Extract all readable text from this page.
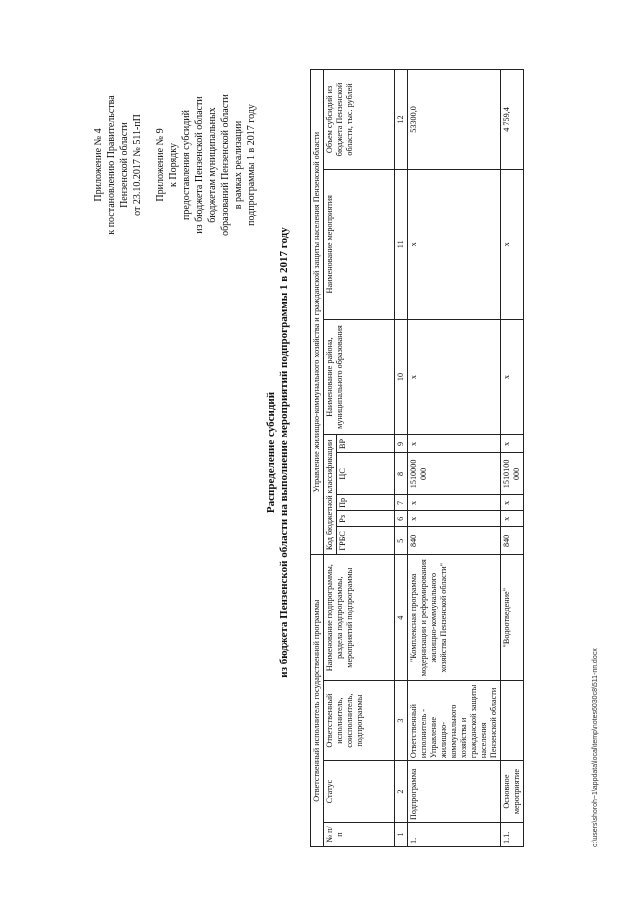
Приложение № 4 к постановлению Правительства Пензенской области от 23.10.2017 № 511-пП Приложение № 9 к Порядку предоставления субсидий из бюджета Пензенской области бюджетам муниципальных образований Пензенской области в рамках реализации подпрограммы 1 в 2017 году
Распределение субсидий из бюджета Пензенской области на выполнение мероприятий подпрограммы 1 в 2017 году
Ответственный исполнитель государственной программы				Управление жилищно-коммунального хозяйства и гражданской защиты населения Пензенской области							
№ п/п	Статус	Ответственный исполнитель, соисполнитель, подпрограммы	Наименование подпрограммы, раздела подпрограммы, мероприятий подпрограммы	Код бюджетной классификации					Наименование района, муниципального образования	Наименование мероприятия	Объем субсидий из бюджета Пензенской области, тыс. рублей
				ГРБС	Рз	Пр	ЦС	ВР			
1	2	3	4	5	6	7	8	9	10	11	12
1.	Подпрограмма	Ответственный исполнитель - Управление жилищно-коммунального хозяйства и гражданской защиты населения Пензенской области	"Комплексная программа модернизации и реформирования жилищно-коммунального хозяйства Пензенской области"	840	х	х	1510000 000	х	х	х	53300,0
1.1.	Основное мероприятие		"Водоотведение"	840	х	х	1510100 000	х	х	х	4 759,4
c:\users\shoroh~1\appdata\local\temp\notes6030c8\511-пп.docx
